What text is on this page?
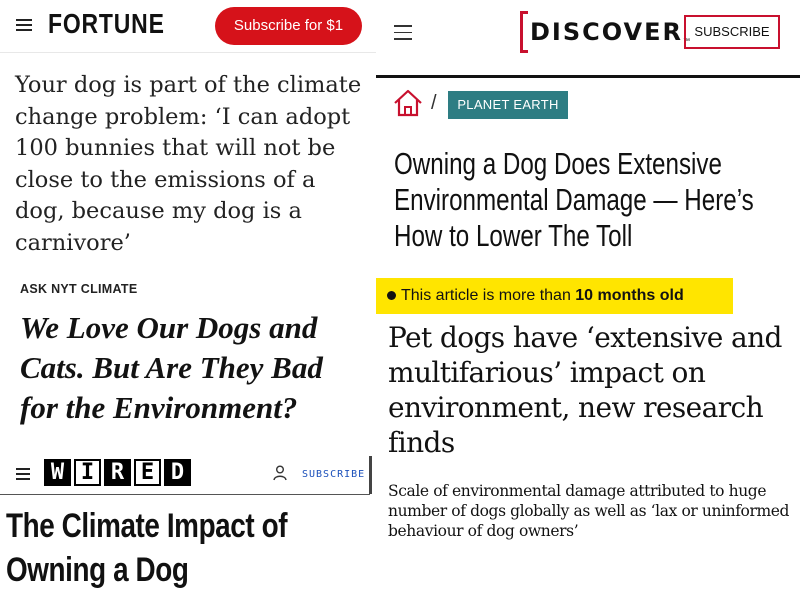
FORTUNE	Subscribe for $1
Your dog is part of the climate change problem: ‘I can adopt 100 bunnies that will not be close to the emissions of a dog, because my dog is a carnivore’
ASK NYT CLIMATE
We Love Our Dogs and Cats. But Are They Bad for the Environment?
W I R E D	SUBSCRIBE
The Climate Impact of Owning a Dog
DISCOVER ™
SUBSCRIBE
/	PLANET EARTH
Owning a Dog Does Extensive Environmental Damage — Here’s How to Lower The Toll
This article is more than 10 months old
Pet dogs have ‘extensive and multifarious’ impact on environment, new research finds

Scale of environmental damage attributed to huge number of dogs globally as well as ‘lax or uninformed behaviour of dog owners’
